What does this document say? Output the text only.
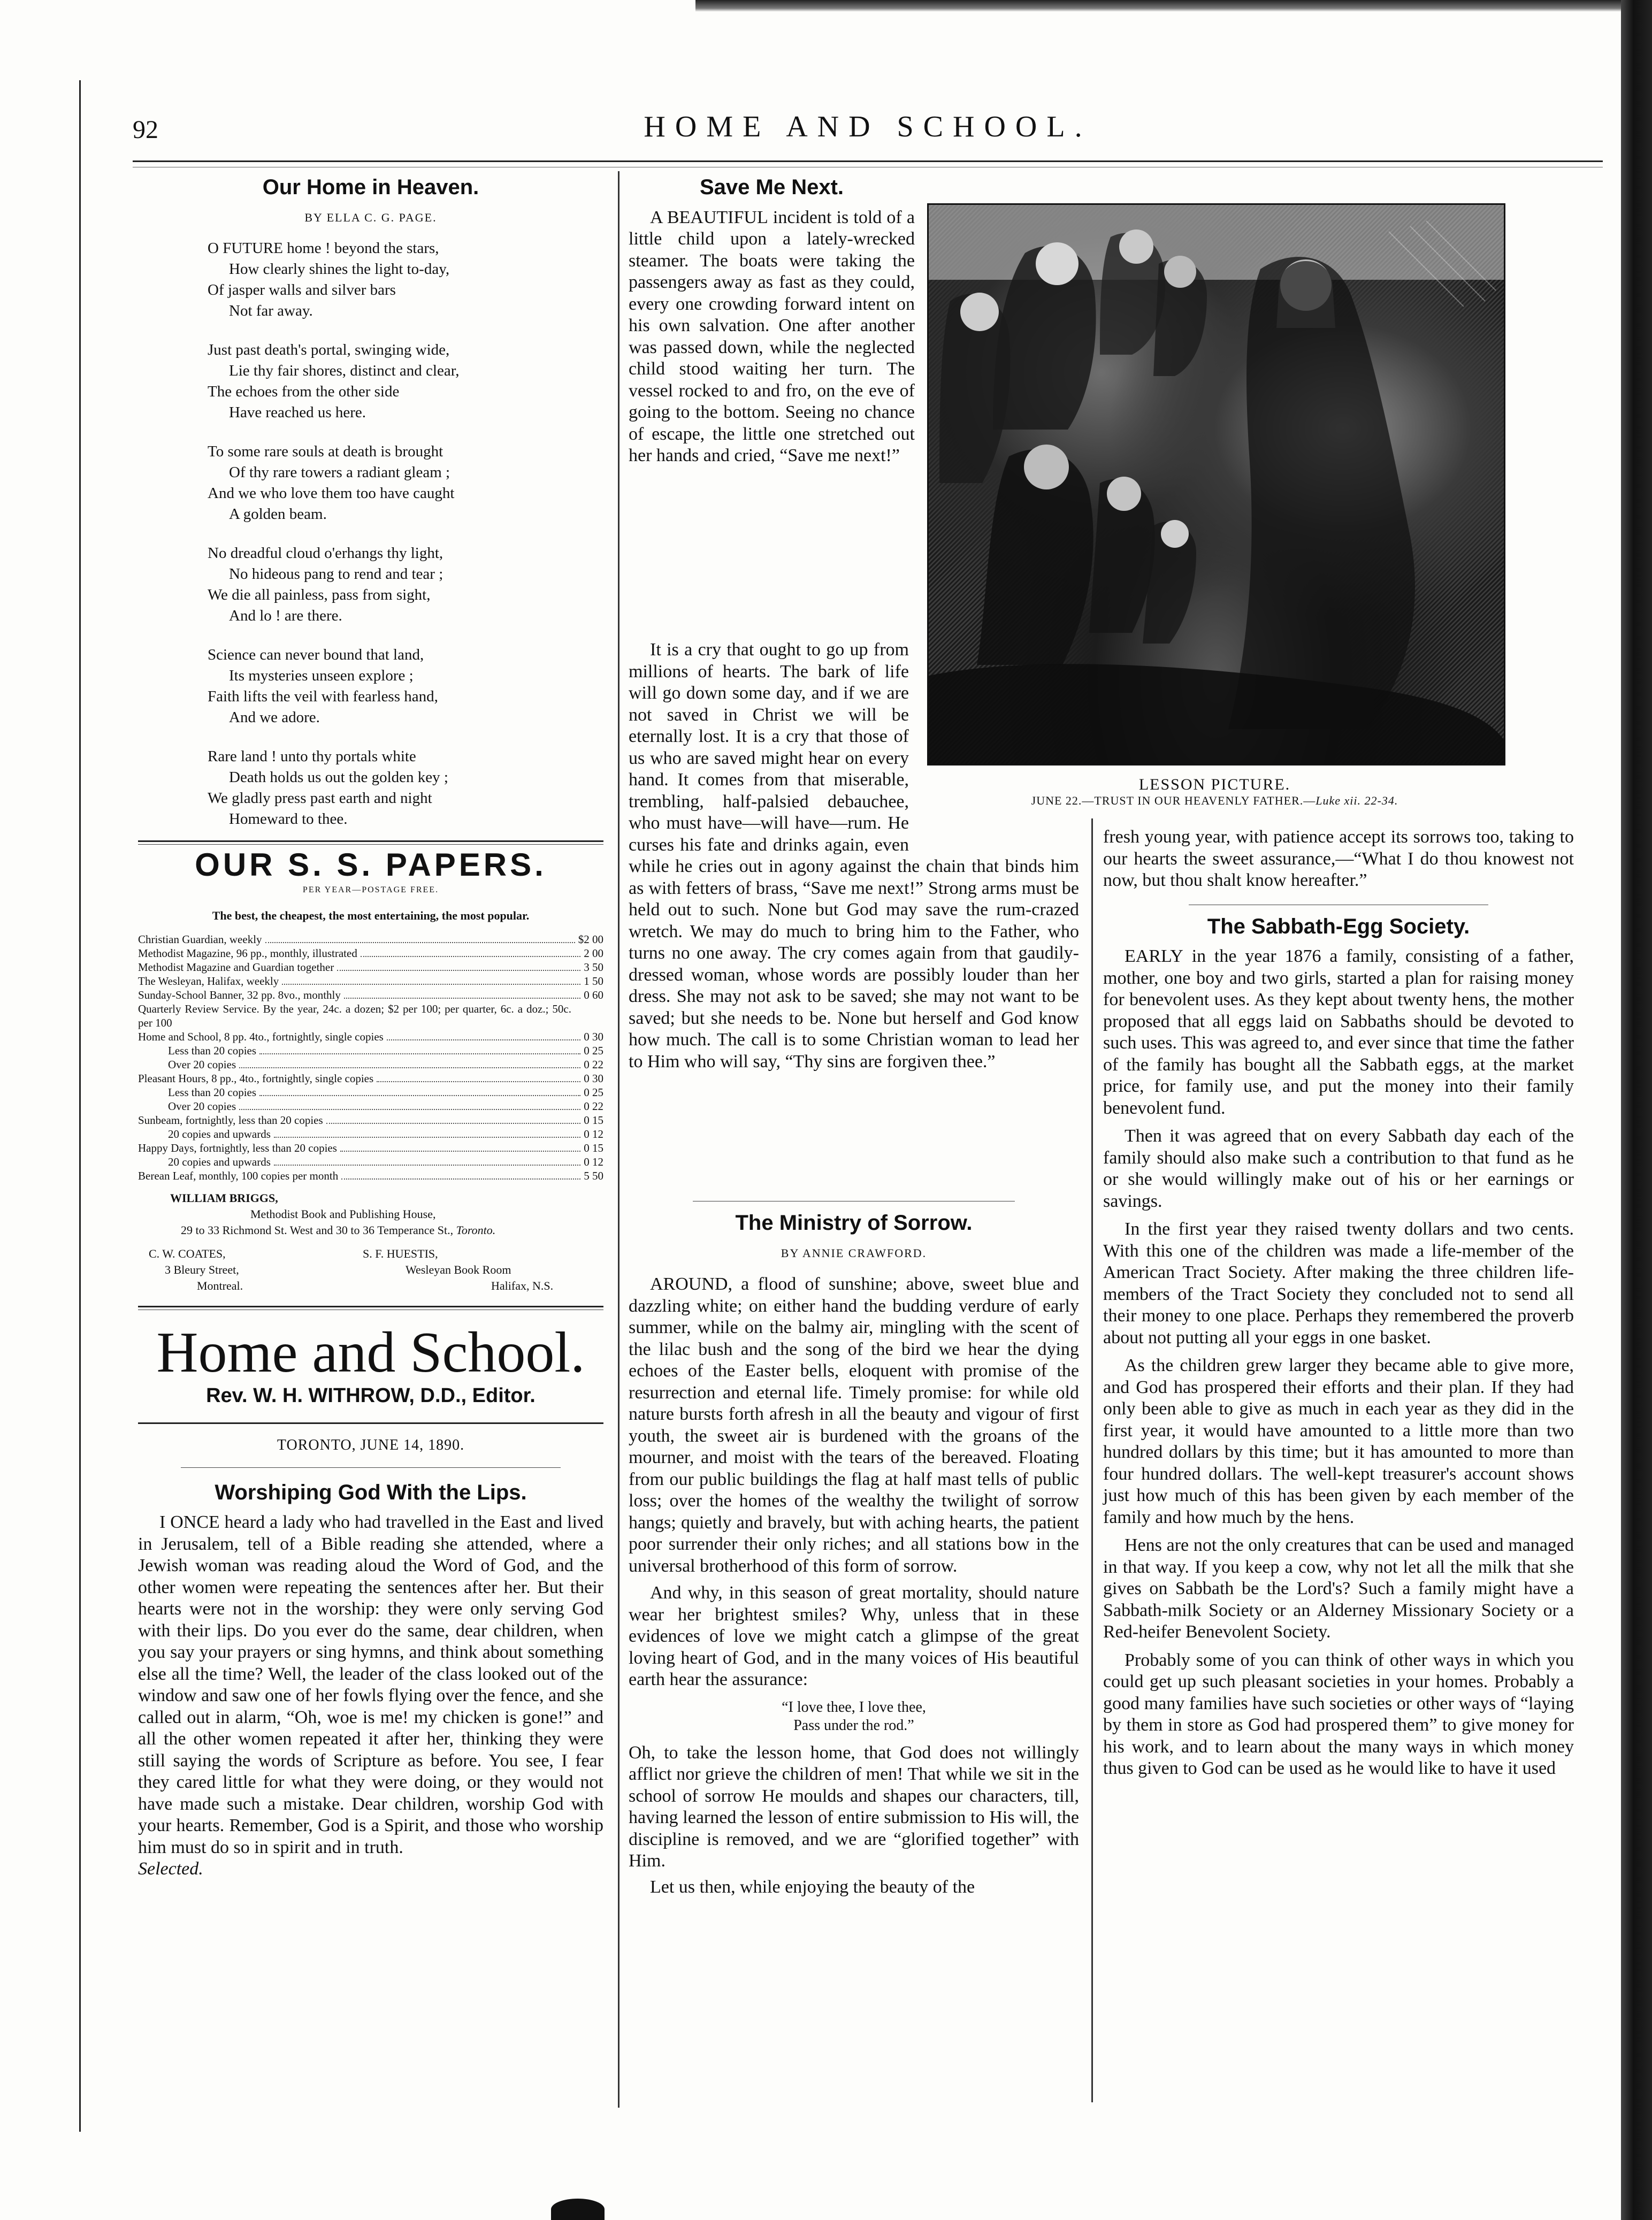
92	HOME AND SCHOOL.
Our Home in Heaven.
BY ELLA C. G. PAGE.
O FUTURE home ! beyond the stars,
How clearly shines the light to-day,
Of jasper walls and silver bars
Not far away.
Just past death's portal, swinging wide,
Lie thy fair shores, distinct and clear,
The echoes from the other side
Have reached us here.
To some rare souls at death is brought
Of thy rare towers a radiant gleam ;
And we who love them too have caught
A golden beam.
No dreadful cloud o'erhangs thy light,
No hideous pang to rend and tear ;
We die all painless, pass from sight,
And lo ! are there.
Science can never bound that land,
Its mysteries unseen explore ;
Faith lifts the veil with fearless hand,
And we adore.
Rare land ! unto thy portals white
Death holds us out the golden key ;
We gladly press past earth and night
Homeward to thee.
OUR S. S. PAPERS.
PER YEAR—POSTAGE FREE.
The best, the cheapest, the most entertaining, the most popular.
Christian Guardian, weekly	$2 00
Methodist Magazine, 96 pp., monthly, illustrated	2 00
Methodist Magazine and Guardian together	3 50
The Wesleyan, Halifax, weekly	1 50
Sunday-School Banner, 32 pp. 8vo., monthly	0 60
Quarterly Review Service. By the year, 24c. a dozen; $2 per 100; per quarter, 6c. a doz.; 50c. per 100
Home and School, 8 pp. 4to., fortnightly, single copies	0 30
Less than 20 copies	0 25
Over 20 copies	0 22
Pleasant Hours, 8 pp., 4to., fortnightly, single copies	0 30
Less than 20 copies	0 25
Over 20 copies	0 22
Sunbeam, fortnightly, less than 20 copies	0 15
20 copies and upwards	0 12
Happy Days, fortnightly, less than 20 copies	0 15
20 copies and upwards	0 12
Berean Leaf, monthly, 100 copies per month	5 50
WILLIAM BRIGGS,
Methodist Book and Publishing House,
29 to 33 Richmond St. West and 30 to 36 Temperance St., Toronto.
C. W. COATES,
3 Bleury Street,
Montreal.
S. F. HUESTIS,
Wesleyan Book Room
Halifax, N.S.
Home and School.
Rev. W. H. WITHROW, D.D., Editor.
TORONTO, JUNE 14, 1890.
Worshiping God With the Lips.

I ONCE heard a lady who had travelled in the East and lived in Jerusalem, tell of a Bible reading she attended, where a Jewish woman was reading aloud the Word of God, and the other women were repeating the sentences after her. But their hearts were not in the worship: they were only serving God with their lips. Do you ever do the same, dear children, when you say your prayers or sing hymns, and think about something else all the time? Well, the leader of the class looked out of the window and saw one of her fowls flying over the fence, and she called out in alarm, “Oh, woe is me! my chicken is gone!” and all the other women repeated it after her, thinking they were still saying the words of Scripture as before. You see, I fear they cared little for what they were doing, or they would not have made such a mistake. Dear children, worship God with your hearts. Remember, God is a Spirit, and those who worship him must do so in spirit and in truth.

Selected.

Save Me Next.

A BEAUTIFUL incident is told of a little child upon a lately-wrecked steamer. The boats were taking the passengers away as fast as they could, every one crowding forward intent on his own salvation. One after another was passed down, while the neglected child stood waiting her turn. The vessel rocked to and fro, on the eve of going to the bottom. Seeing no chance of escape, the little one stretched out her hands and cried, “Save me next!”

It is a cry that ought to go up from millions of hearts. The bark of life will go down some day, and if we are not saved in Christ we will be eternally lost. It is a cry that those of us who are saved might hear on every hand. It comes from that miserable, trembling, half-palsied debauchee, who must have—will have—rum. He curses his fate and drinks again, even while he cries out in agony against the chain that binds him as with fetters of brass, “Save me next!” Strong arms must be held out to such. None but God may save the rum-crazed wretch. We may do much to bring him to the Father, who turns no one away. The cry comes again from that gaudily-dressed woman, whose words are possibly louder than her dress. She may not ask to be saved; she may not want to be saved; but she needs to be. None but herself and God know how much. The call is to some Christian woman to lead her to Him who will say, “Thy sins are forgiven thee.”

The Ministry of Sorrow.
BY ANNIE CRAWFORD.

AROUND, a flood of sunshine; above, sweet blue and dazzling white; on either hand the budding verdure of early summer, while on the balmy air, mingling with the scent of the lilac bush and the song of the bird we hear the dying echoes of the Easter bells, eloquent with promise of the resurrection and eternal life. Timely promise: for while old nature bursts forth afresh in all the beauty and vigour of first youth, the sweet air is burdened with the groans of the mourner, and moist with the tears of the bereaved. Floating from our public buildings the flag at half mast tells of public loss; over the homes of the wealthy the twilight of sorrow hangs; quietly and bravely, but with aching hearts, the patient poor surrender their only riches; and all stations bow in the universal brotherhood of this form of sorrow.

And why, in this season of great mortality, should nature wear her brightest smiles? Why, unless that in these evidences of love we might catch a glimpse of the great loving heart of God, and in the many voices of His beautiful earth hear the assurance:

“I love thee, I love thee,
Pass under the rod.”

Oh, to take the lesson home, that God does not willingly afflict nor grieve the children of men! That while we sit in the school of sorrow He moulds and shapes our characters, till, having learned the lesson of entire submission to His will, the discipline is removed, and we are “glorified together” with Him.

Let us then, while enjoying the beauty of the

LESSON PICTURE.
JUNE 22.—TRUST IN OUR HEAVENLY FATHER.—Luke xii. 22-34.

fresh young year, with patience accept its sorrows too, taking to our hearts the sweet assurance,—“What I do thou knowest not now, but thou shalt know hereafter.”

The Sabbath-Egg Society.

EARLY in the year 1876 a family, consisting of a father, mother, one boy and two girls, started a plan for raising money for benevolent uses. As they kept about twenty hens, the mother proposed that all eggs laid on Sabbaths should be devoted to such uses. This was agreed to, and ever since that time the father of the family has bought all the Sabbath eggs, at the market price, for family use, and put the money into their family benevolent fund.

Then it was agreed that on every Sabbath day each of the family should also make such a contribution to that fund as he or she would willingly make out of his or her earnings or savings.

In the first year they raised twenty dollars and two cents. With this one of the children was made a life-member of the American Tract Society. After making the three children life-members of the Tract Society they concluded not to send all their money to one place. Perhaps they remembered the proverb about not putting all your eggs in one basket.

As the children grew larger they became able to give more, and God has prospered their efforts and their plan. If they had only been able to give as much in each year as they did in the first year, it would have amounted to a little more than two hundred dollars by this time; but it has amounted to more than four hundred dollars. The well-kept treasurer's account shows just how much of this has been given by each member of the family and how much by the hens.

Hens are not the only creatures that can be used and managed in that way. If you keep a cow, why not let all the milk that she gives on Sabbath be the Lord's? Such a family might have a Sabbath-milk Society or an Alderney Missionary Society or a Red-heifer Benevolent Society.

Probably some of you can think of other ways in which you could get up such pleasant societies in your homes. Probably a good many families have such societies or other ways of “laying by them in store as God had prospered them” to give money for his work, and to learn about the many ways in which money thus given to God can be used as he would like to have it used
